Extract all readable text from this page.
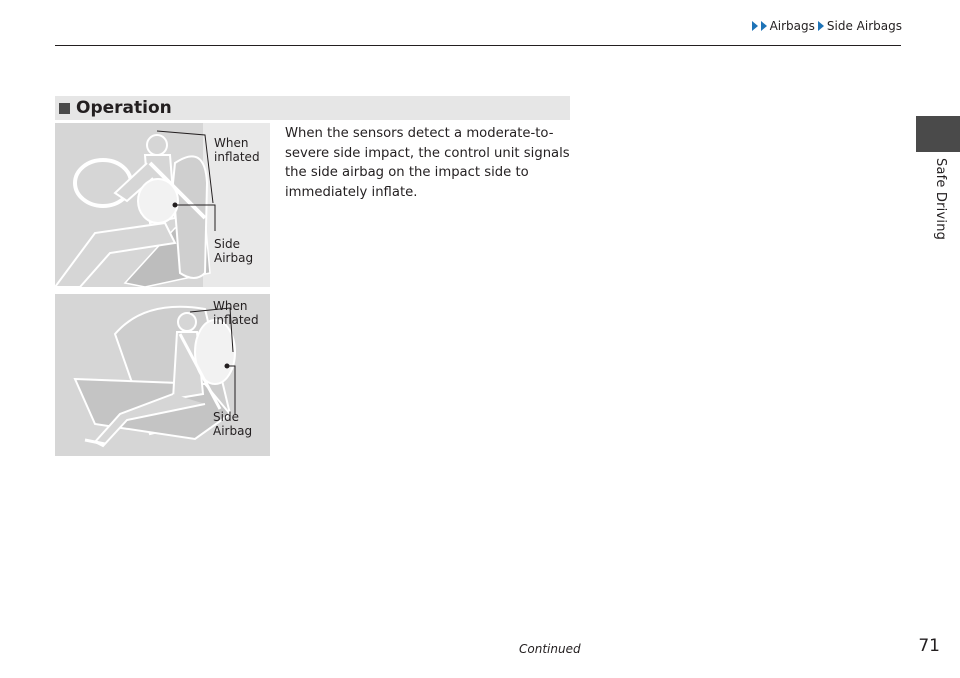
Airbags Side Airbags
Safe Driving
Operation
When the sensors detect a moderate-to-severe side impact, the control unit signals the side airbag on the impact side to immediately inflate.
When inflated
Side Airbag
When inflated
Side Airbag
Continued	71
